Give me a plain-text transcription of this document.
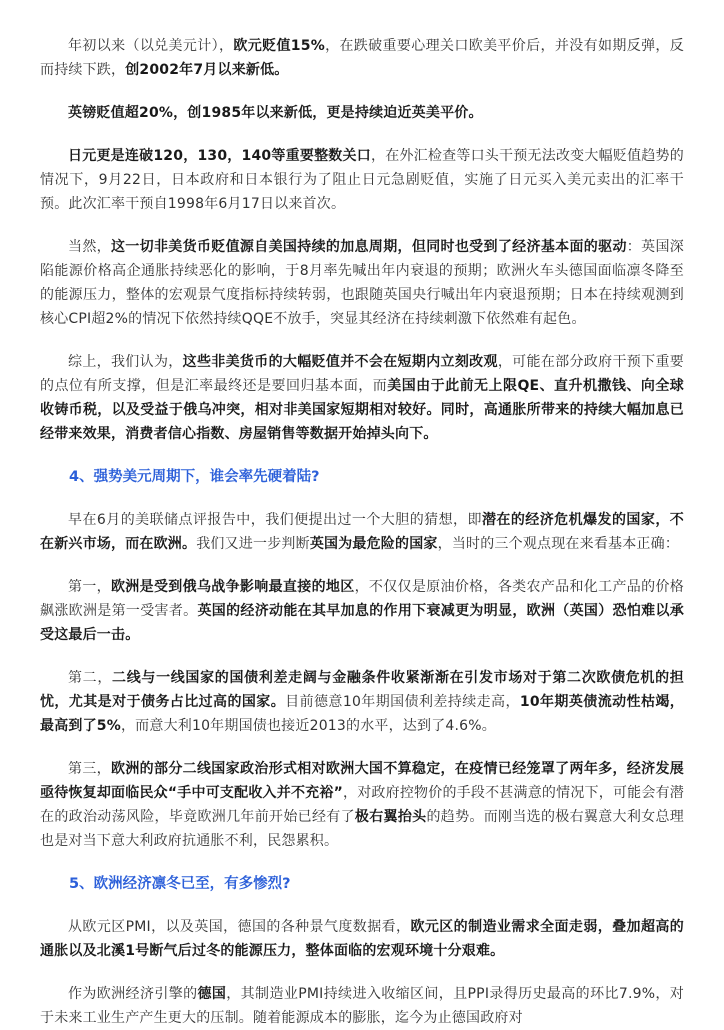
年初以来（以兑美元计），欧元贬值15%，在跌破重要心理关口欧美平价后，并没有如期反弹，反而持续下跌，创2002年7月以来新低。

英镑贬值超20%，创1985年以来新低，更是持续迫近英美平价。

日元更是连破120，130，140等重要整数关口，在外汇检查等口头干预无法改变大幅贬值趋势的情况下，9月22日，日本政府和日本银行为了阻止日元急剧贬值，实施了日元买入美元卖出的汇率干预。此次汇率干预自1998年6月17日以来首次。

当然，这一切非美货币贬值源自美国持续的加息周期，但同时也受到了经济基本面的驱动：英国深陷能源价格高企通胀持续恶化的影响，于8月率先喊出年内衰退的预期；欧洲火车头德国面临凛冬降至的能源压力，整体的宏观景气度指标持续转弱，也跟随英国央行喊出年内衰退预期；日本在持续观测到核心CPI超2%的情况下依然持续QQE不放手，突显其经济在持续刺激下依然难有起色。

综上，我们认为，这些非美货币的大幅贬值并不会在短期内立刻改观，可能在部分政府干预下重要的点位有所支撑，但是汇率最终还是要回归基本面，而美国由于此前无上限QE、直升机撒钱、向全球收铸币税，以及受益于俄乌冲突，相对非美国家短期相对较好。同时，高通胀所带来的持续大幅加息已经带来效果，消费者信心指数、房屋销售等数据开始掉头向下。

4、强势美元周期下，谁会率先硬着陆?

早在6月的美联储点评报告中，我们便提出过一个大胆的猜想，即潜在的经济危机爆发的国家，不在新兴市场，而在欧洲。我们又进一步判断英国为最危险的国家，当时的三个观点现在来看基本正确：

第一，欧洲是受到俄乌战争影响最直接的地区，不仅仅是原油价格，各类农产品和化工产品的价格飙涨欧洲是第一受害者。英国的经济动能在其早加息的作用下衰减更为明显，欧洲（英国）恐怕难以承受这最后一击。

第二，二线与一线国家的国债利差走阔与金融条件收紧渐渐在引发市场对于第二次欧债危机的担忧，尤其是对于债务占比过高的国家。目前德意10年期国债利差持续走高，10年期英债流动性枯竭，最高到了5%，而意大利10年期国债也接近2013的水平，达到了4.6%。

第三，欧洲的部分二线国家政治形式相对欧洲大国不算稳定，在疫情已经笼罩了两年多，经济发展亟待恢复却面临民众“手中可支配收入并不充裕”，对政府控物价的手段不甚满意的情况下，可能会有潜在的政治动荡风险，毕竟欧洲几年前开始已经有了极右翼抬头的趋势。而刚当选的极右翼意大利女总理也是对当下意大利政府抗通胀不利，民怨累积。

5、欧洲经济凛冬已至，有多惨烈?

从欧元区PMI，以及英国，德国的各种景气度数据看，欧元区的制造业需求全面走弱，叠加超高的通胀以及北溪1号断气后过冬的能源压力，整体面临的宏观环境十分艰难。

作为欧洲经济引擎的德国，其制造业PMI持续进入收缩区间，且PPI录得历史最高的环比7.9%，对于未来工业生产产生更大的压制。随着能源成本的膨胀，迄今为止德国政府对
